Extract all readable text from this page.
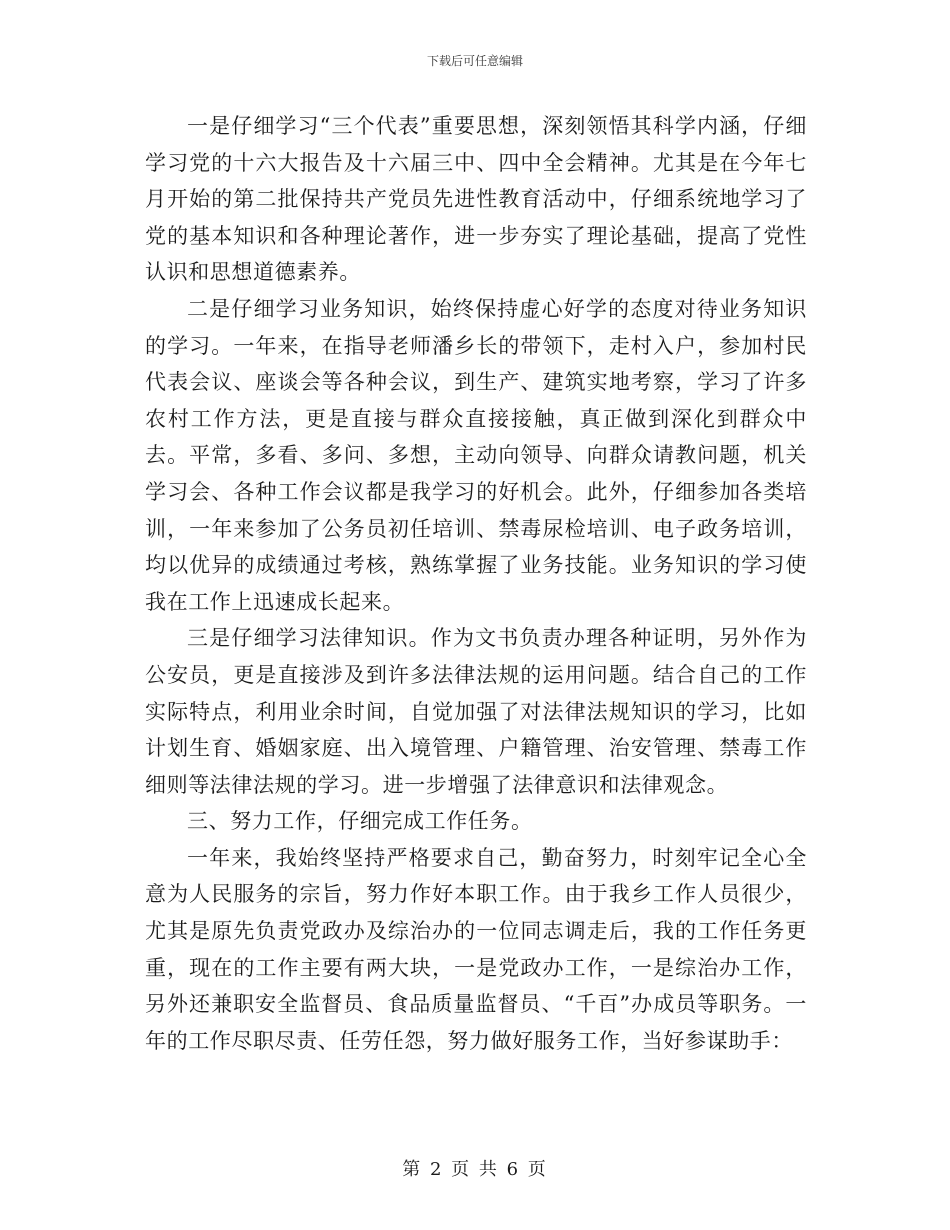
下载后可任意编辑

一是仔细学习“三个代表”重要思想，深刻领悟其科学内涵，仔细学习党的十六大报告及十六届三中、四中全会精神。尤其是在今年七月开始的第二批保持共产党员先进性教育活动中，仔细系统地学习了党的基本知识和各种理论著作，进一步夯实了理论基础，提高了党性认识和思想道德素养。

二是仔细学习业务知识，始终保持虚心好学的态度对待业务知识的学习。一年来，在指导老师潘乡长的带领下，走村入户，参加村民代表会议、座谈会等各种会议，到生产、建筑实地考察，学习了许多农村工作方法，更是直接与群众直接接触，真正做到深化到群众中去。平常，多看、多问、多想，主动向领导、向群众请教问题，机关学习会、各种工作会议都是我学习的好机会。此外，仔细参加各类培训，一年来参加了公务员初任培训、禁毒尿检培训、电子政务培训，均以优异的成绩通过考核，熟练掌握了业务技能。业务知识的学习使我在工作上迅速成长起来。

三是仔细学习法律知识。作为文书负责办理各种证明，另外作为公安员，更是直接涉及到许多法律法规的运用问题。结合自己的工作实际特点，利用业余时间，自觉加强了对法律法规知识的学习，比如计划生育、婚姻家庭、出入境管理、户籍管理、治安管理、禁毒工作细则等法律法规的学习。进一步增强了法律意识和法律观念。

三、努力工作，仔细完成工作任务。

一年来，我始终坚持严格要求自己，勤奋努力，时刻牢记全心全意为人民服务的宗旨，努力作好本职工作。由于我乡工作人员很少，尤其是原先负责党政办及综治办的一位同志调走后，我的工作任务更重，现在的工作主要有两大块，一是党政办工作，一是综治办工作，另外还兼职安全监督员、食品质量监督员、“千百”办成员等职务。一年的工作尽职尽责、任劳任怨，努力做好服务工作，当好参谋助手：

第 2 页 共 6 页
